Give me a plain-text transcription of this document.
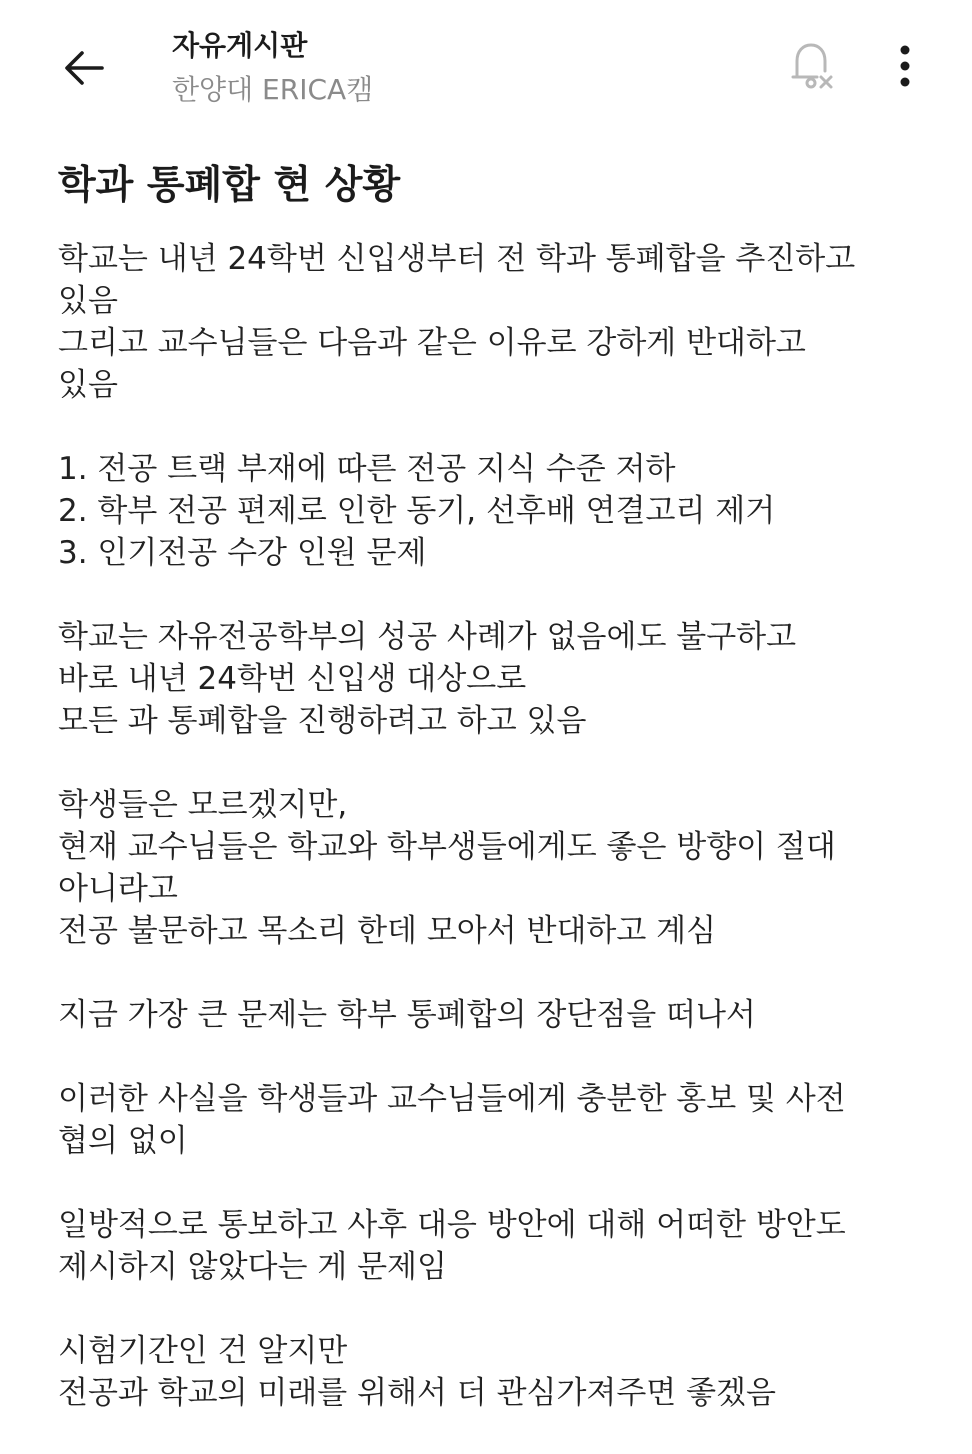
자유게시판
한양대 ERICA캠
학과 통폐합 현 상황
학교는 내년 24학번 신입생부터 전 학과 통폐합을 추진하고
있음
그리고 교수님들은 다음과 같은 이유로 강하게 반대하고
있음
1. 전공 트랙 부재에 따른 전공 지식 수준 저하
2. 학부 전공 편제로 인한 동기, 선후배 연결고리 제거
3. 인기전공 수강 인원 문제
학교는 자유전공학부의 성공 사례가 없음에도 불구하고
바로 내년 24학번 신입생 대상으로
모든 과 통폐합을 진행하려고 하고 있음
학생들은 모르겠지만,
현재 교수님들은 학교와 학부생들에게도 좋은 방향이 절대
아니라고
전공 불문하고 목소리 한데 모아서 반대하고 계심
지금 가장 큰 문제는 학부 통폐합의 장단점을 떠나서
이러한 사실을 학생들과 교수님들에게 충분한 홍보 및 사전
협의 없이
일방적으로 통보하고 사후 대응 방안에 대해 어떠한 방안도
제시하지 않았다는 게 문제임
시험기간인 건 알지만
전공과 학교의 미래를 위해서 더 관심가져주면 좋겠음
